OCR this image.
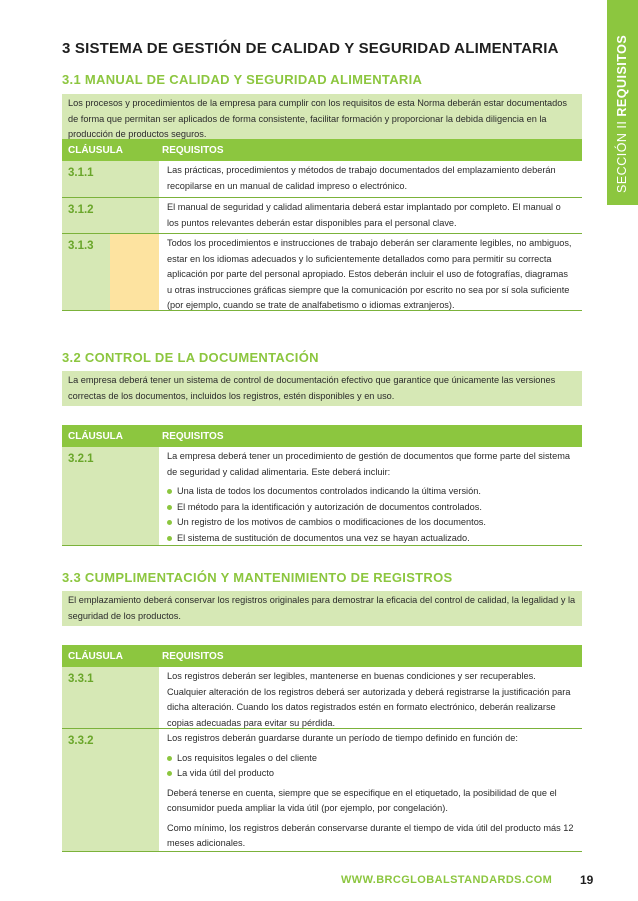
SECCIÓN II REQUISITOS
3 SISTEMA DE GESTIÓN DE CALIDAD Y SEGURIDAD ALIMENTARIA
3.1 MANUAL DE CALIDAD Y SEGURIDAD ALIMENTARIA
Los procesos y procedimientos de la empresa para cumplir con los requisitos de esta Norma deberán estar documentados de forma que permitan ser aplicados de forma consistente, facilitar formación y proporcionar la debida diligencia en la producción de productos seguros.
CLÁUSULA	REQUISITOS
3.1.1	Las prácticas, procedimientos y métodos de trabajo documentados del emplazamiento deberán recopilarse en un manual de calidad impreso o electrónico.
3.1.2	El manual de seguridad y calidad alimentaria deberá estar implantado por completo. El manual o los puntos relevantes deberán estar disponibles para el personal clave.
3.1.3	Todos los procedimientos e instrucciones de trabajo deberán ser claramente legibles, no ambiguos, estar en los idiomas adecuados y lo suficientemente detallados como para permitir su correcta aplicación por parte del personal apropiado. Estos deberán incluir el uso de fotografías, diagramas u otras instrucciones gráficas siempre que la comunicación por escrito no sea por sí sola suficiente (por ejemplo, cuando se trate de analfabetismo o idiomas extranjeros).
3.2 CONTROL DE LA DOCUMENTACIÓN
La empresa deberá tener un sistema de control de documentación efectivo que garantice que únicamente las versiones correctas de los documentos, incluidos los registros, estén disponibles y en uso.
CLÁUSULA	REQUISITOS
3.2.1	La empresa deberá tener un procedimiento de gestión de documentos que forme parte del sistema de seguridad y calidad alimentaria. Este deberá incluir:

Una lista de todos los documentos controlados indicando la última versión.
El método para la identificación y autorización de documentos controlados.
Un registro de los motivos de cambios o modificaciones de los documentos.
El sistema de sustitución de documentos una vez se hayan actualizado.
3.3 CUMPLIMENTACIÓN Y MANTENIMIENTO DE REGISTROS
El emplazamiento deberá conservar los registros originales para demostrar la eficacia del control de calidad, la legalidad y la seguridad de los productos.
CLÁUSULA	REQUISITOS
3.3.1	Los registros deberán ser legibles, mantenerse en buenas condiciones y ser recuperables. Cualquier alteración de los registros deberá ser autorizada y deberá registrarse la justificación para dicha alteración. Cuando los datos registrados estén en formato electrónico, deberán realizarse copias adecuadas para evitar su pérdida.
3.3.2	Los registros deberán guardarse durante un período de tiempo definido en función de:

Los requisitos legales o del cliente
La vida útil del producto

Deberá tenerse en cuenta, siempre que se especifique en el etiquetado, la posibilidad de que el consumidor pueda ampliar la vida útil (por ejemplo, por congelación).

Como mínimo, los registros deberán conservarse durante el tiempo de vida útil del producto más 12 meses adicionales.

WWW.BRCGLOBALSTANDARDS.COM 19
